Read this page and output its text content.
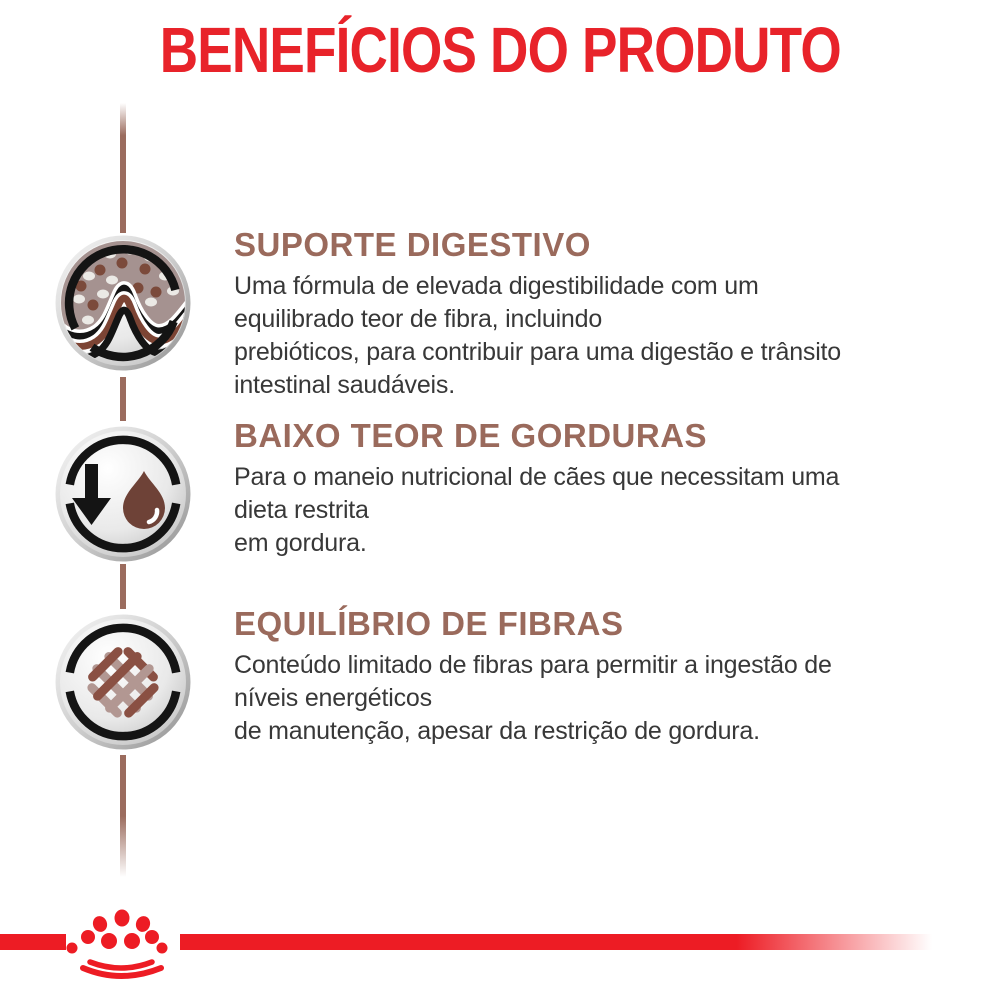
BENEFÍCIOS DO PRODUTO
SUPORTE DIGESTIVO

Uma fórmula de elevada digestibilidade com um

equilibrado teor de fibra, incluindo

prebióticos, para contribuir para uma digestão e trânsito

intestinal saudáveis.

BAIXO TEOR DE GORDURAS

Para o maneio nutricional de cães que necessitam uma

dieta restrita

em gordura.

EQUILÍBRIO DE FIBRAS

Conteúdo limitado de fibras para permitir a ingestão de

níveis energéticos

de manutenção, apesar da restrição de gordura.
